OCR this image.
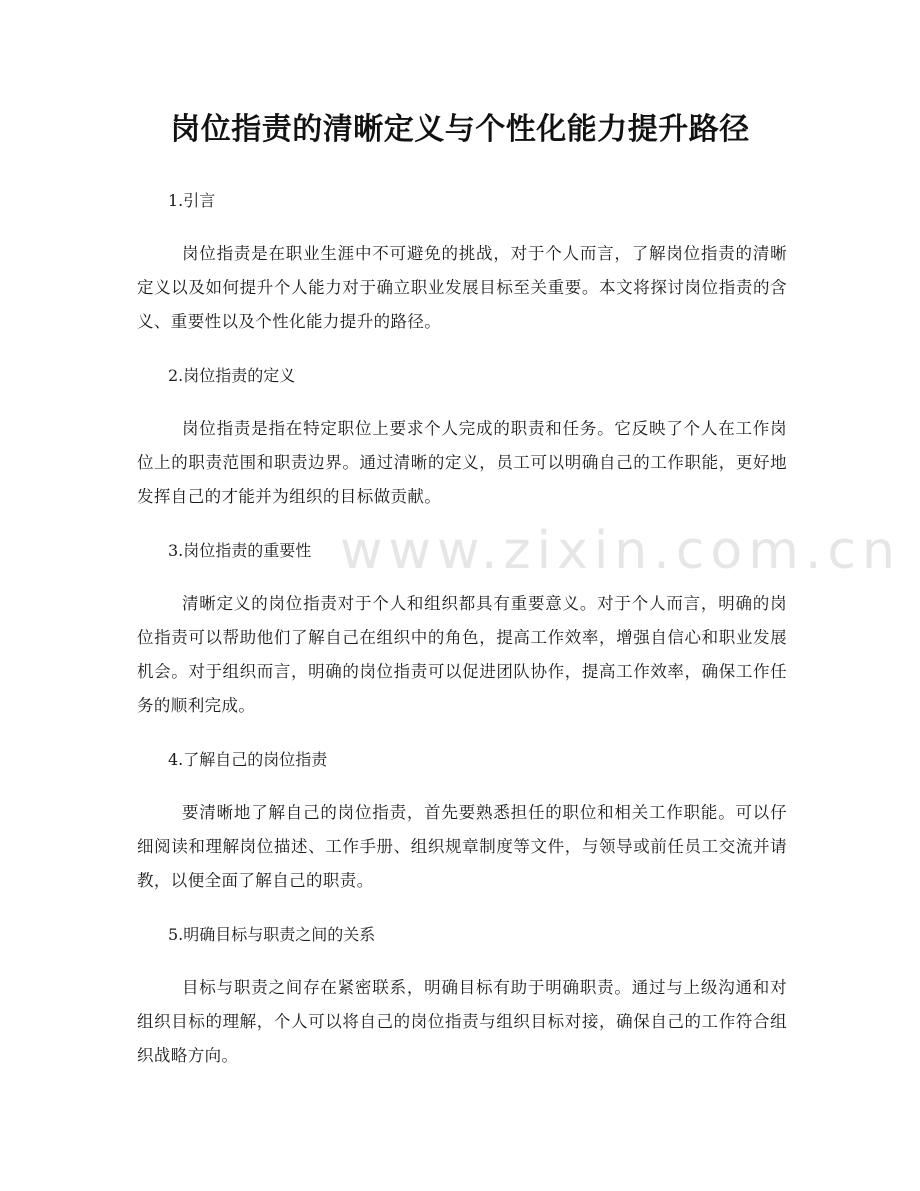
www.zixin.com.cn
岗位指责的清晰定义与个性化能力提升路径

1.引言

岗位指责是在职业生涯中不可避免的挑战，对于个人而言，了解岗位指责的清晰定义以及如何提升个人能力对于确立职业发展目标至关重要。本文将探讨岗位指责的含义、重要性以及个性化能力提升的路径。

2.岗位指责的定义

岗位指责是指在特定职位上要求个人完成的职责和任务。它反映了个人在工作岗位上的职责范围和职责边界。通过清晰的定义，员工可以明确自己的工作职能，更好地发挥自己的才能并为组织的目标做贡献。

3.岗位指责的重要性

清晰定义的岗位指责对于个人和组织都具有重要意义。对于个人而言，明确的岗位指责可以帮助他们了解自己在组织中的角色，提高工作效率，增强自信心和职业发展机会。对于组织而言，明确的岗位指责可以促进团队协作，提高工作效率，确保工作任务的顺利完成。

4.了解自己的岗位指责

要清晰地了解自己的岗位指责，首先要熟悉担任的职位和相关工作职能。可以仔细阅读和理解岗位描述、工作手册、组织规章制度等文件，与领导或前任员工交流并请教，以便全面了解自己的职责。

5.明确目标与职责之间的关系

目标与职责之间存在紧密联系，明确目标有助于明确职责。通过与上级沟通和对组织目标的理解，个人可以将自己的岗位指责与组织目标对接，确保自己的工作符合组织战略方向。
